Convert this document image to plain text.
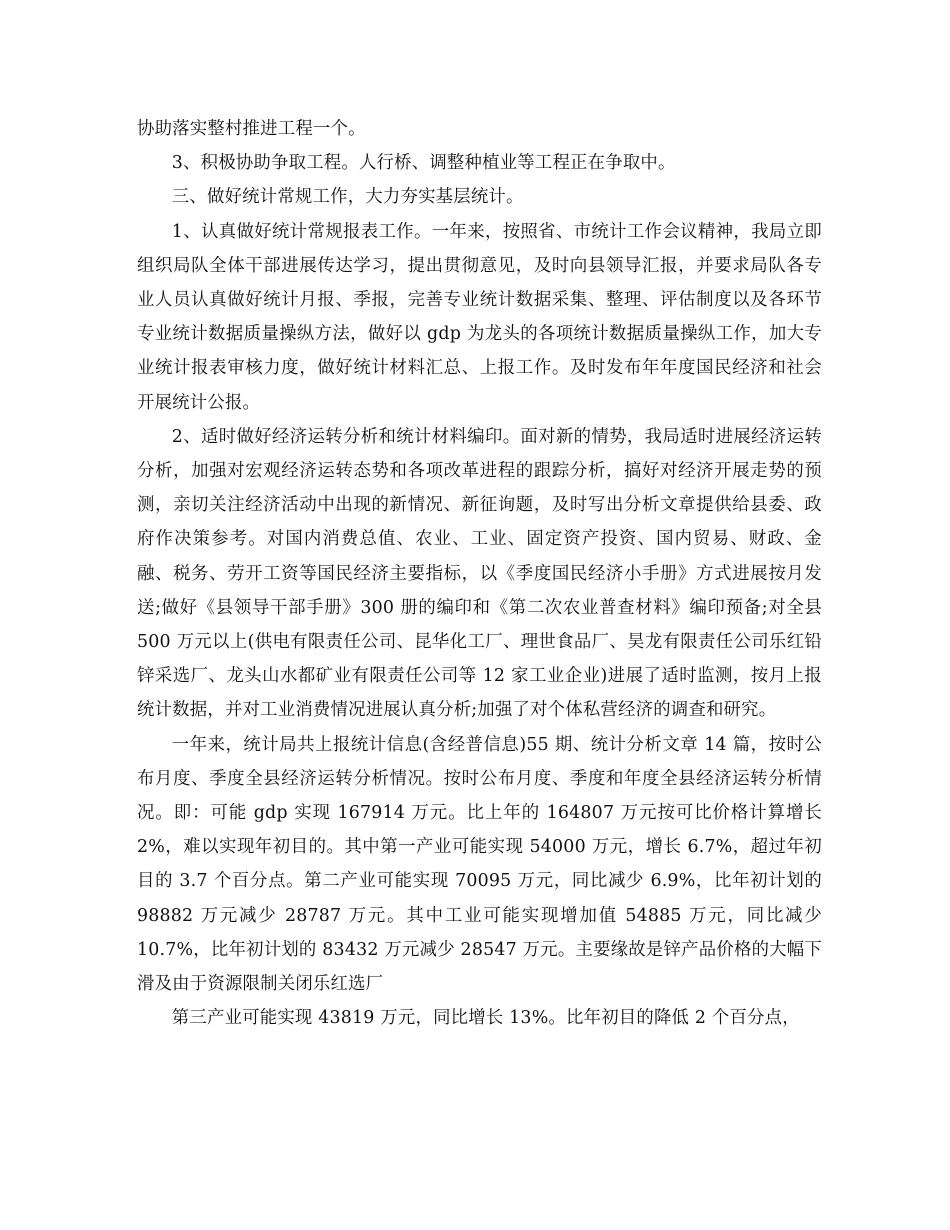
协助落实整村推进工程一个。

3、积极协助争取工程。人行桥、调整种植业等工程正在争取中。

三、做好统计常规工作，大力夯实基层统计。

1、认真做好统计常规报表工作。一年来，按照省、市统计工作会议精神，我局立即组织局队全体干部进展传达学习，提出贯彻意见，及时向县领导汇报，并要求局队各专业人员认真做好统计月报、季报，完善专业统计数据采集、整理、评估制度以及各环节专业统计数据质量操纵方法，做好以 gdp 为龙头的各项统计数据质量操纵工作，加大专业统计报表审核力度，做好统计材料汇总、上报工作。及时发布年年度国民经济和社会开展统计公报。

2、适时做好经济运转分析和统计材料编印。面对新的情势，我局适时进展经济运转分析，加强对宏观经济运转态势和各项改革进程的跟踪分析，搞好对经济开展走势的预测，亲切关注经济活动中出现的新情况、新征询题，及时写出分析文章提供给县委、政府作决策参考。对国内消费总值、农业、工业、固定资产投资、国内贸易、财政、金融、税务、劳开工资等国民经济主要指标，以《季度国民经济小手册》方式进展按月发送;做好《县领导干部手册》300 册的编印和《第二次农业普查材料》编印预备;对全县 500 万元以上(供电有限责任公司、昆华化工厂、理世食品厂、昊龙有限责任公司乐红铅锌采选厂、龙头山水都矿业有限责任公司等 12 家工业企业)进展了适时监测，按月上报统计数据，并对工业消费情况进展认真分析;加强了对个体私营经济的调查和研究。

一年来，统计局共上报统计信息(含经普信息)55 期、统计分析文章 14 篇，按时公布月度、季度全县经济运转分析情况。按时公布月度、季度和年度全县经济运转分析情况。即：可能 gdp 实现 167914 万元。比上年的 164807 万元按可比价格计算增长 2%，难以实现年初目的。其中第一产业可能实现 54000 万元，增长 6.7%，超过年初目的 3.7 个百分点。第二产业可能实现 70095 万元，同比减少 6.9%，比年初计划的 98882 万元减少 28787 万元。其中工业可能实现增加值 54885 万元，同比减少 10.7%，比年初计划的 83432 万元减少 28547 万元。主要缘故是锌产品价格的大幅下滑及由于资源限制关闭乐红选厂

第三产业可能实现 43819 万元，同比增长 13%。比年初目的降低 2 个百分点，
